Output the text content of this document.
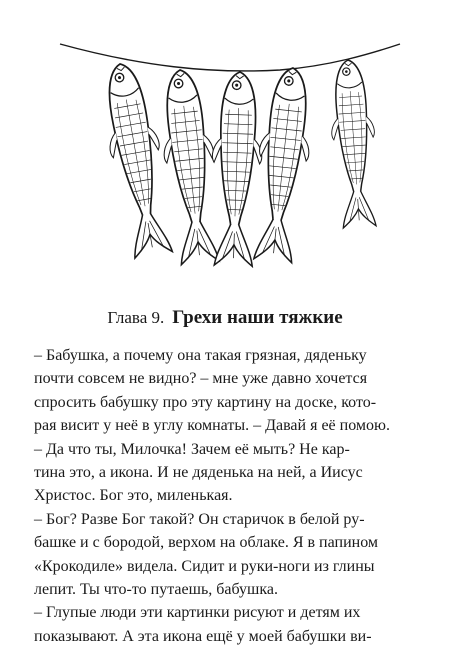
Глава 9. Грехи наши тяжкие
– Бабушка, а почему она такая грязная, дяденьку
почти совсем не видно? – мне уже давно хочется
спросить бабушку про эту картину на доске, кото-
рая висит у неё в углу комнаты. – Давай я её помою.
– Да что ты, Милочка! Зачем её мыть? Не кар-
тина это, а икона. И не дяденька на ней, а Иисус
Христос. Бог это, миленькая.
– Бог? Разве Бог такой? Он старичок в белой ру-
башке и с бородой, верхом на облаке. Я в папином
«Крокодиле» видела. Сидит и руки-ноги из глины
лепит. Ты что-то путаешь, бабушка.
– Глупые люди эти картинки рисуют и детям их
показывают. А эта икона ещё у моей бабушки ви-
